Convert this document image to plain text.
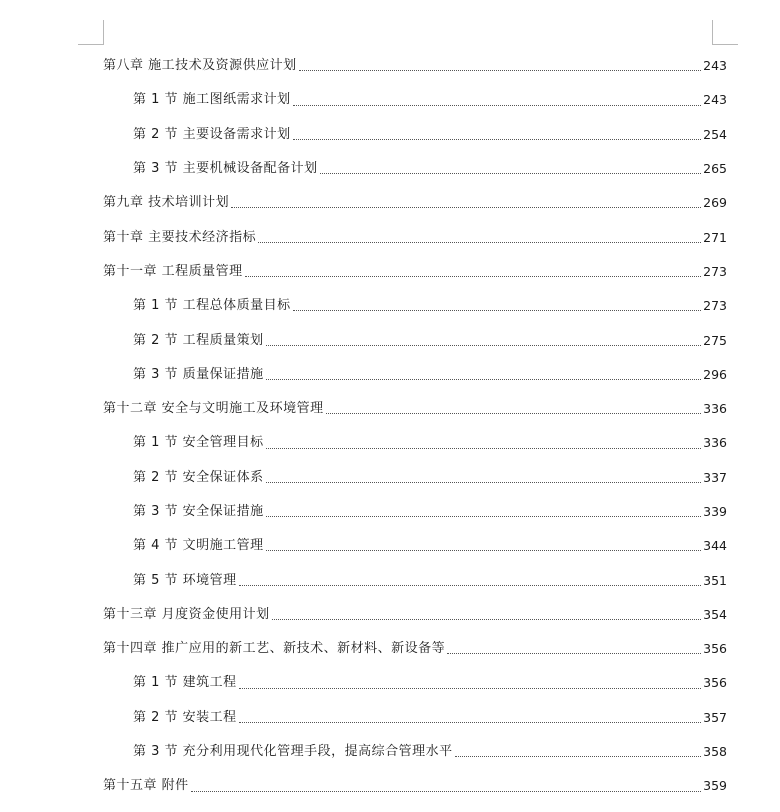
第八章 施工技术及资源供应计划	243
第 1 节 施工图纸需求计划	243
第 2 节 主要设备需求计划	254
第 3 节 主要机械设备配备计划	265
第九章 技术培训计划	269
第十章 主要技术经济指标	271
第十一章 工程质量管理	273
第 1 节 工程总体质量目标	273
第 2 节 工程质量策划	275
第 3 节 质量保证措施	296
第十二章 安全与文明施工及环境管理	336
第 1 节 安全管理目标	336
第 2 节 安全保证体系	337
第 3 节 安全保证措施	339
第 4 节 文明施工管理	344
第 5 节 环境管理	351
第十三章 月度资金使用计划	354
第十四章 推广应用的新工艺、新技术、新材料、新设备等	356
第 1 节 建筑工程	356
第 2 节 安装工程	357
第 3 节 充分利用现代化管理手段，提高综合管理水平	358
第十五章 附件	359
